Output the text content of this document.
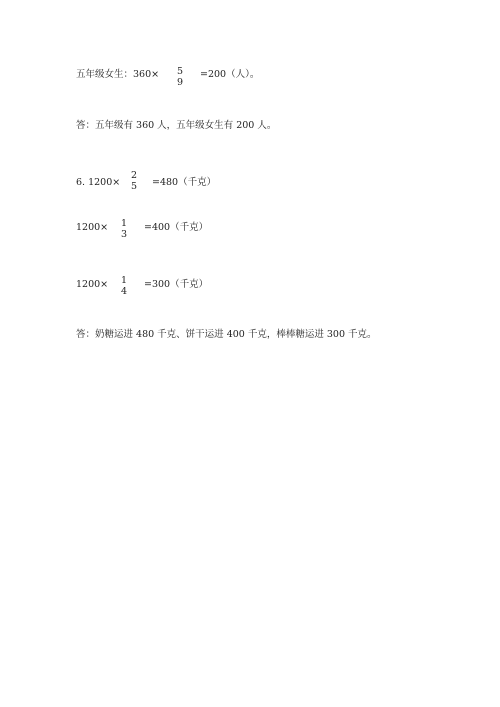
五年级女生：360× 5
9
=200（人）。
答：五年级有 360 人，五年级女生有 200 人。
6. 1200×
2
5 =480（千克）
1200× 1
3
=400（千克）
1200× 1
4
=300（千克）
答：奶糖运进 480 千克、饼干运进 400 千克，棒棒糖运进 300 千克。
